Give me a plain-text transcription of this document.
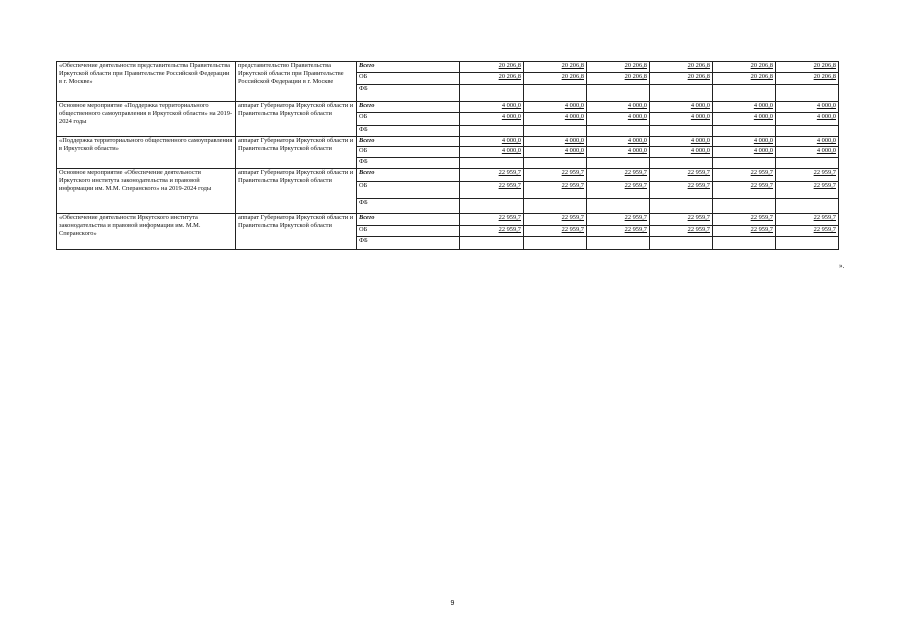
«Обеспечение деятельности представительства Правительства Иркутской области при Правительстве Российской Федерации в г. Москве»	представительство Правительства Иркутской области при Правительстве Российской Федерации в г. Москве	Всего	20 206,8	20 206,8	20 206,8	20 206,8	20 206,8	20 206,8
		ОБ	20 206,8	20 206,8	20 206,8	20 206,8	20 206,8	20 206,8
		ФБ						
Основное мероприятие «Поддержка территориального общественного самоуправления в Иркутской области» на 2019-2024 годы	аппарат Губернатора Иркутской области и Правительства Иркутской области	Всего	4 000,0	4 000,0	4 000,0	4 000,0	4 000,0	4 000,0
		ОБ	4 000,0	4 000,0	4 000,0	4 000,0	4 000,0	4 000,0
		ФБ						
«Поддержка территориального общественного самоуправления в Иркутской области»	аппарат Губернатора Иркутской области и Правительства Иркутской области	Всего	4 000,0	4 000,0	4 000,0	4 000,0	4 000,0	4 000,0
		ОБ	4 000,0	4 000,0	4 000,0	4 000,0	4 000,0	4 000,0
		ФБ						
Основное мероприятие «Обеспечение деятельности Иркутского института законодательства и правовой информации им. М.М. Сперанского» на 2019-2024 годы	аппарат Губернатора Иркутской области и Правительства Иркутской области	Всего	22 959,7	22 959,7	22 959,7	22 959,7	22 959,7	22 959,7
		ОБ	22 959,7	22 959,7	22 959,7	22 959,7	22 959,7	22 959,7
		ФБ						
«Обеспечение деятельности Иркутского института законодательства и правовой информации им. М.М. Сперанского»	аппарат Губернатора Иркутской области и Правительства Иркутской области	Всего	22 959,7	22 959,7	22 959,7	22 959,7	22 959,7	22 959,7
		ОБ	22 959,7	22 959,7	22 959,7	22 959,7	22 959,7	22 959,7
		ФБ						
».
9
